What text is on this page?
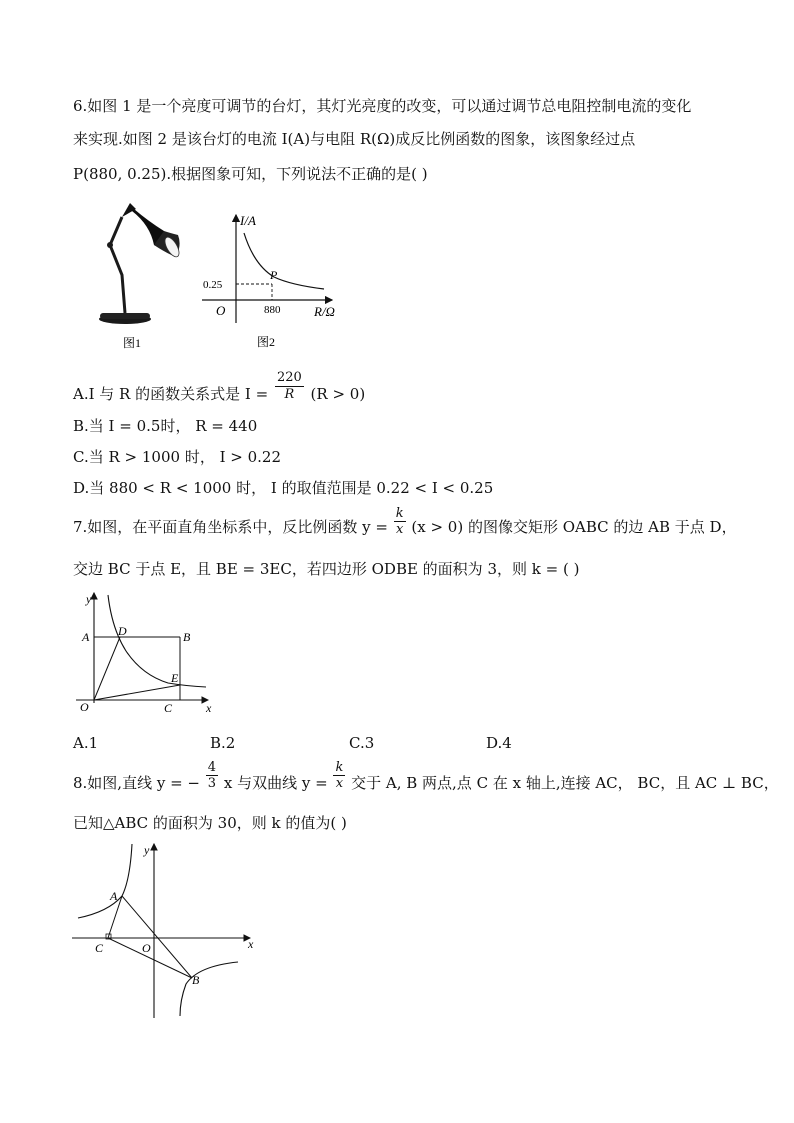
6.如图 1 是一个亮度可调节的台灯，其灯光亮度的改变，可以通过调节总电阻控制电流的变化
来实现.如图 2 是该台灯的电流 I(A)与电阻 R(Ω)成反比例函数的图象，该图象经过点
P(880, 0.25).根据图象可知，下列说法不正确的是( )
图1
I/A
R/Ω
O
P
0.25
880
图2
A.I 与 R 的函数关系式是 $I = \frac{220}{R} (R > 0)$
B.当 I = 0.5时， R = 440
C.当 R > 1000 时， I > 0.22
D.当 880 < R < 1000 时， I 的取值范围是 0.22 < I < 0.25
7.如图，在平面直角坐标系中，反比例函数 $y = \frac{k}{x} (x > 0)$ 的图像交矩形 OABC 的边 AB 于点 D，
交边 BC 于点 E，且 BE = 3EC，若四边形 ODBE 的面积为 3，则 k = ( )
y
x
O
A	B
C
D
E
A.1	B.2	C.3	D.4
8.如图,直线 y = − $\frac{4}{3}$ x 与双曲线 $y = \frac{k}{x}$ 交于 A, B 两点,点 C 在 x 轴上,连接 AC， BC，且 AC ⊥ BC，
已知△ABC 的面积为 30，则 k 的值为( )
y
x
O
A
B
C
